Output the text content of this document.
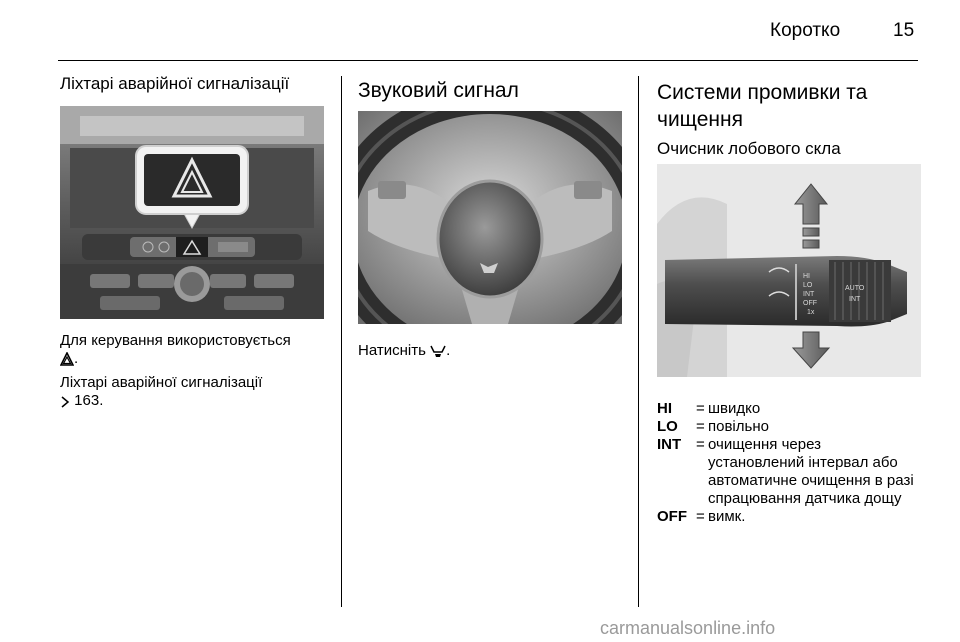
Коротко	15
Ліхтарі аварійної сигналізації

Для керування використовується
.

Ліхтарі аварійної сигналізації
163.

Звуковий сигнал

Натисніть .

Системи промивки та чищення
Очисник лобового скла
HI
LO
INT
OFF
1x
AUTO
INT
HI	= швидко
LO	= повільно
INT = очищення через установлений інтервал або автоматичне очищення в разі спрацювання датчика дощу
OFF = вимк.
carmanualsonline.info
